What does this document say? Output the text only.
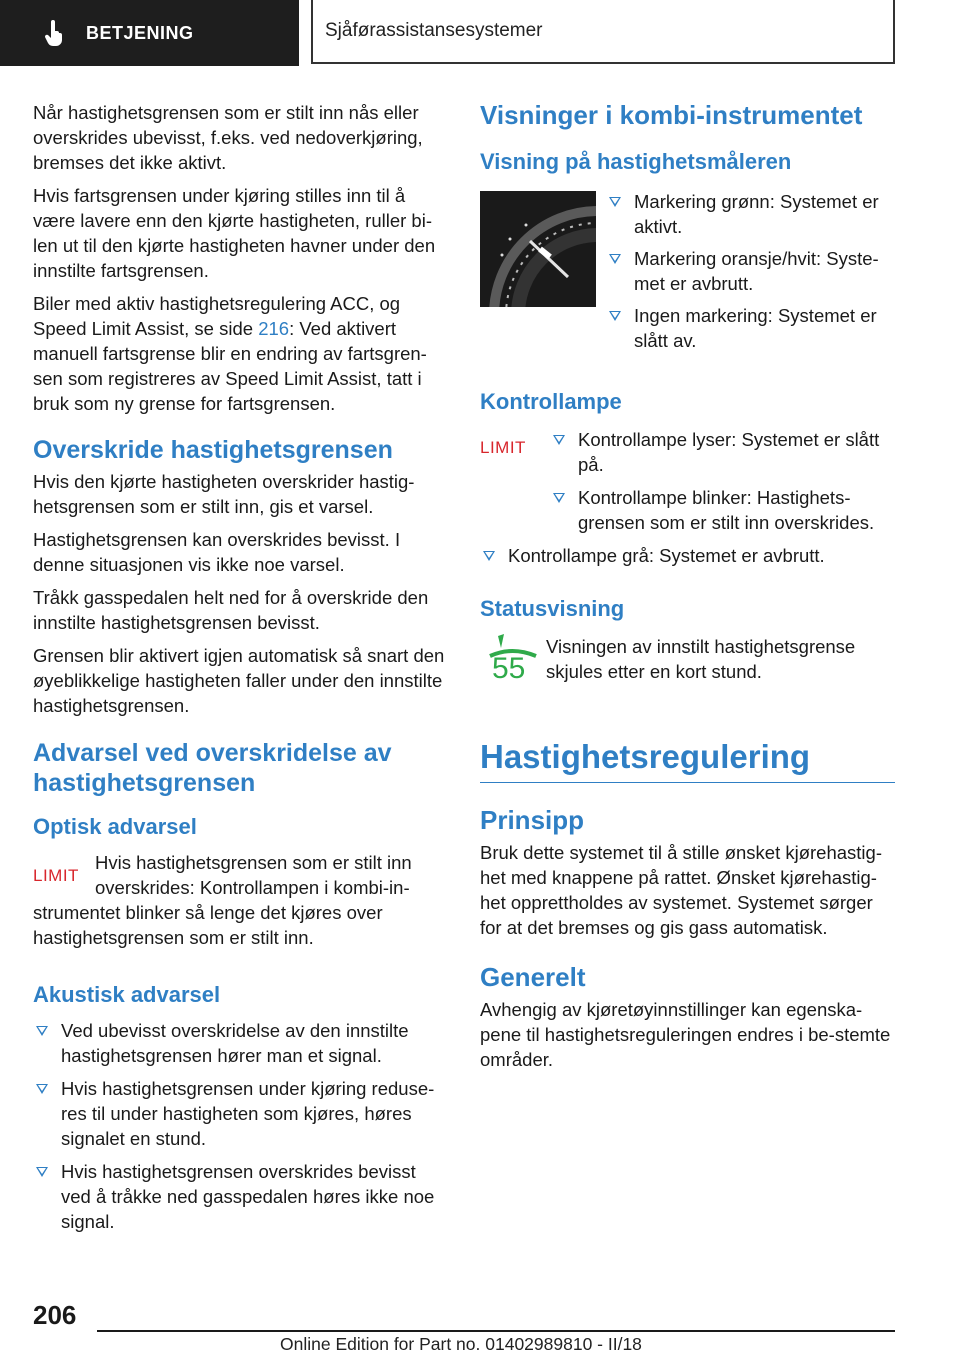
BETJENING	Sjåførassistansesystemer

Når hastighetsgrensen som er stilt inn nås eller overskrides ubevisst, f.eks. ved nedoverkjøring, bremses det ikke aktivt.

Hvis fartsgrensen under kjøring stilles inn til å være lavere enn den kjørte hastigheten, ruller bi-len ut til den kjørte hastigheten havner under den innstilte fartsgrensen.

Biler med aktiv hastighetsregulering ACC, og Speed Limit Assist, se side 216: Ved aktivert manuell fartsgrense blir en endring av fartsgren-sen som registreres av Speed Limit Assist, tatt i bruk som ny grense for fartsgrensen.

Overskride hastighetsgrensen

Hvis den kjørte hastigheten overskrider hastig-hetsgrensen som er stilt inn, gis et varsel.

Hastighetsgrensen kan overskrides bevisst. I denne situasjonen vis ikke noe varsel.

Tråkk gasspedalen helt ned for å overskride den innstilte hastighetsgrensen bevisst.

Grensen blir aktivert igjen automatisk så snart den øyeblikkelige hastigheten faller under den innstilte hastighetsgrensen.

Advarsel ved overskridelse av hastighetsgrensen
Optisk advarsel
LIMIT
Hvis hastighetsgrensen som er stilt inn overskrides: Kontrollampen i kombi-in-strumentet blinker så lenge det kjøres over hastighetsgrensen som er stilt inn.
Akustisk advarsel
Ved ubevisst overskridelse av den innstilte hastighetsgrensen hører man et signal.
Hvis hastighetsgrensen under kjøring reduse-res til under hastigheten som kjøres, høres signalet en stund.
Hvis hastighetsgrensen overskrides bevisst ved å tråkke ned gasspedalen høres ikke noe signal.
Visninger i kombi-instrumentet
Visning på hastighetsmåleren
Markering grønn: Systemet er aktivt.
Markering oransje/hvit: Syste-met er avbrutt.
Ingen markering: Systemet er slått av.
Kontrollampe
LIMIT	Kontrollampe lyser: Systemet er slått på.
Kontrollampe blinker: Hastighets-grensen som er stilt inn overskrides.
Kontrollampe grå: Systemet er avbrutt.
Statusvisning
55

Visningen av innstilt hastighetsgrense skjules etter en kort stund.

Hastighetsregulering
Prinsipp

Bruk dette systemet til å stille ønsket kjørehastig-het med knappene på rattet. Ønsket kjørehastig-het opprettholdes av systemet. Systemet sørger for at det bremses og gis gass automatisk.

Generelt

Avhengig av kjøretøyinnstillinger kan egenska-pene til hastighetsreguleringen endres i be-stemte områder.

206
Online Edition for Part no. 01402989810 - II/18
